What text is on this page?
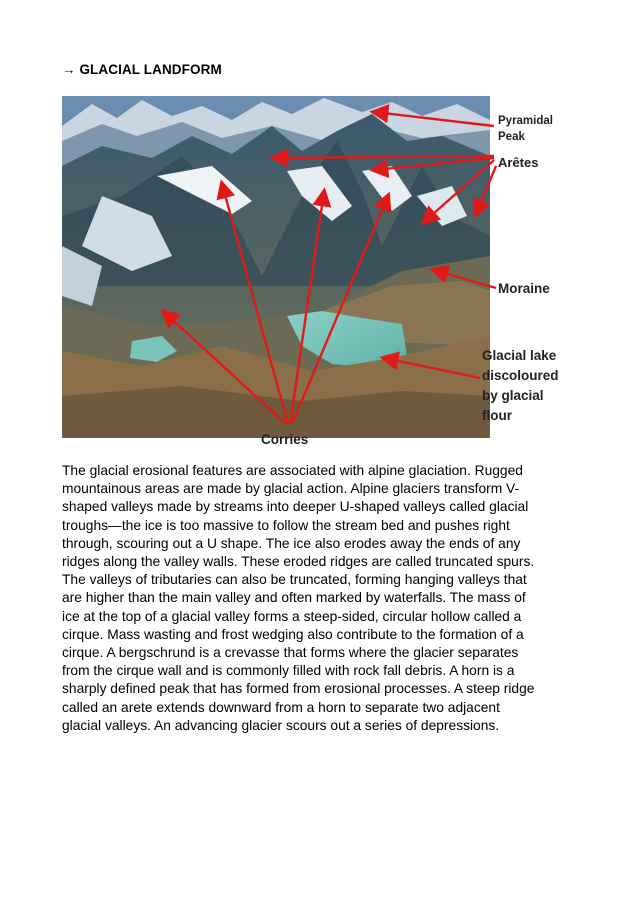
→ GLACIAL LANDFORM
Pyramidal
Peak
Arêtes
Moraine
Glacial lake
discoloured
by glacial
flour
Corries
The glacial erosional features are associated with alpine glaciation. Rugged
mountainous areas are made by glacial action. Alpine glaciers transform V-
shaped valleys made by streams into deeper U-shaped valleys called glacial
troughs—the ice is too massive to follow the stream bed and pushes right
through, scouring out a U shape. The ice also erodes away the ends of any
ridges along the valley walls. These eroded ridges are called truncated spurs.
The valleys of tributaries can also be truncated, forming hanging valleys that
are higher than the main valley and often marked by waterfalls. The mass of
ice at the top of a glacial valley forms a steep-sided, circular hollow called a
cirque. Mass wasting and frost wedging also contribute to the formation of a
cirque. A bergschrund is a crevasse that forms where the glacier separates
from the cirque wall and is commonly filled with rock fall debris. A horn is a
sharply defined peak that has formed from erosional processes. A steep ridge
called an arete extends downward from a horn to separate two adjacent
glacial valleys. An advancing glacier scours out a series of depressions.
